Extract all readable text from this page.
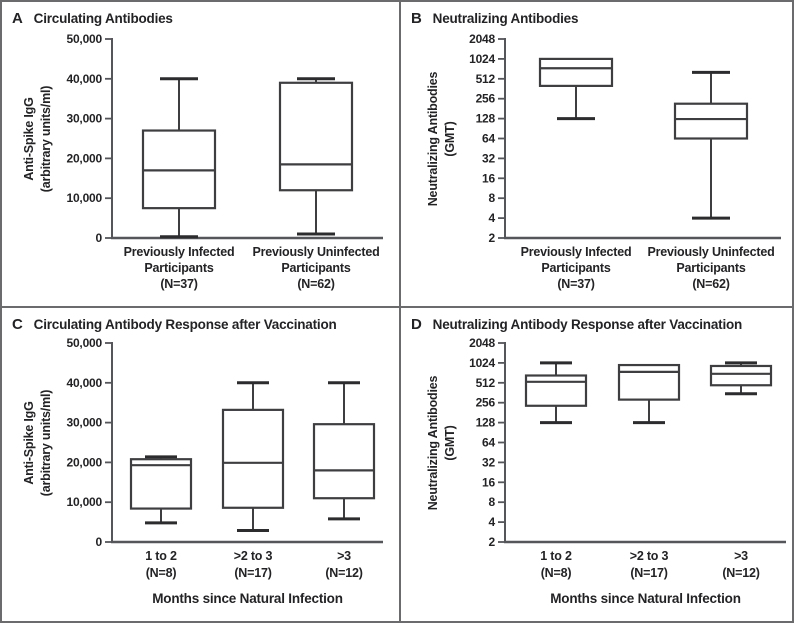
A Circulating Antibodies
Anti-Spike IgG (arbitrary units/ml)
0
10,000
20,000
30,000
40,000
50,000
Previously Infected
Participants
(N=37)
Previously Uninfected
Participants
(N=62)
B Neutralizing Antibodies
Neutralizing Antibodies (GMT)
2
4
8
16
32
64
128
256
512
1024
2048
Previously Infected
Participants
(N=37)
Previously Uninfected
Participants
(N=62)
C Circulating Antibody Response after Vaccination
Anti-Spike IgG (arbitrary units/ml)
Months since Natural Infection
0
10,000
20,000
30,000
40,000
50,000
1 to 2
(N=8)
>2 to 3
(N=17)
>3
(N=12)
D Neutralizing Antibody Response after Vaccination
Neutralizing Antibodies (GMT)
Months since Natural Infection
2
4
8
16
32
64
128
256
512
1024
2048
1 to 2
(N=8)
>2 to 3
(N=17)
>3
(N=12)
